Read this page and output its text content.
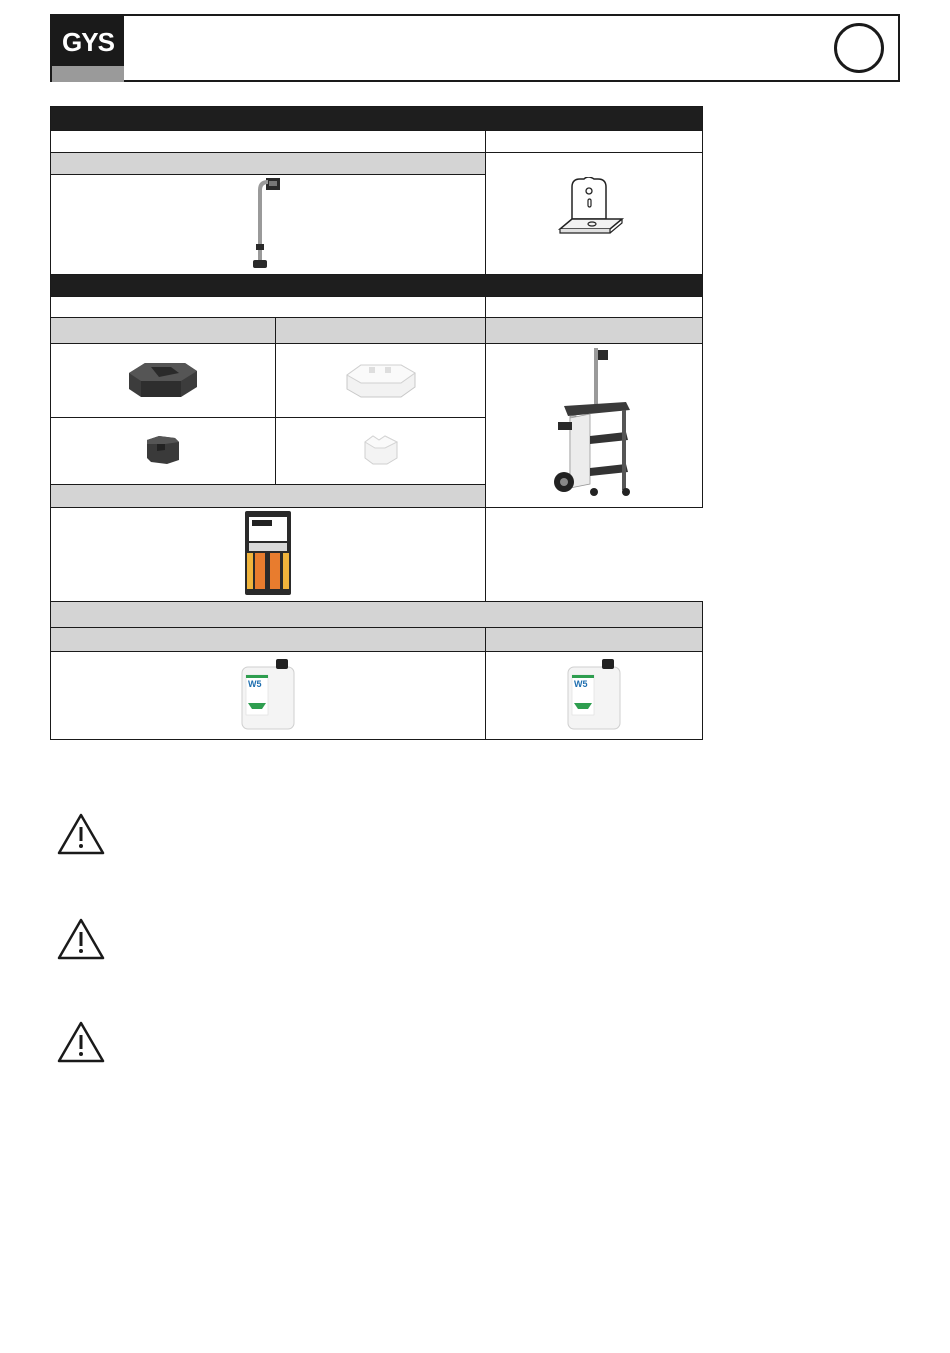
GYS

W5		W5
